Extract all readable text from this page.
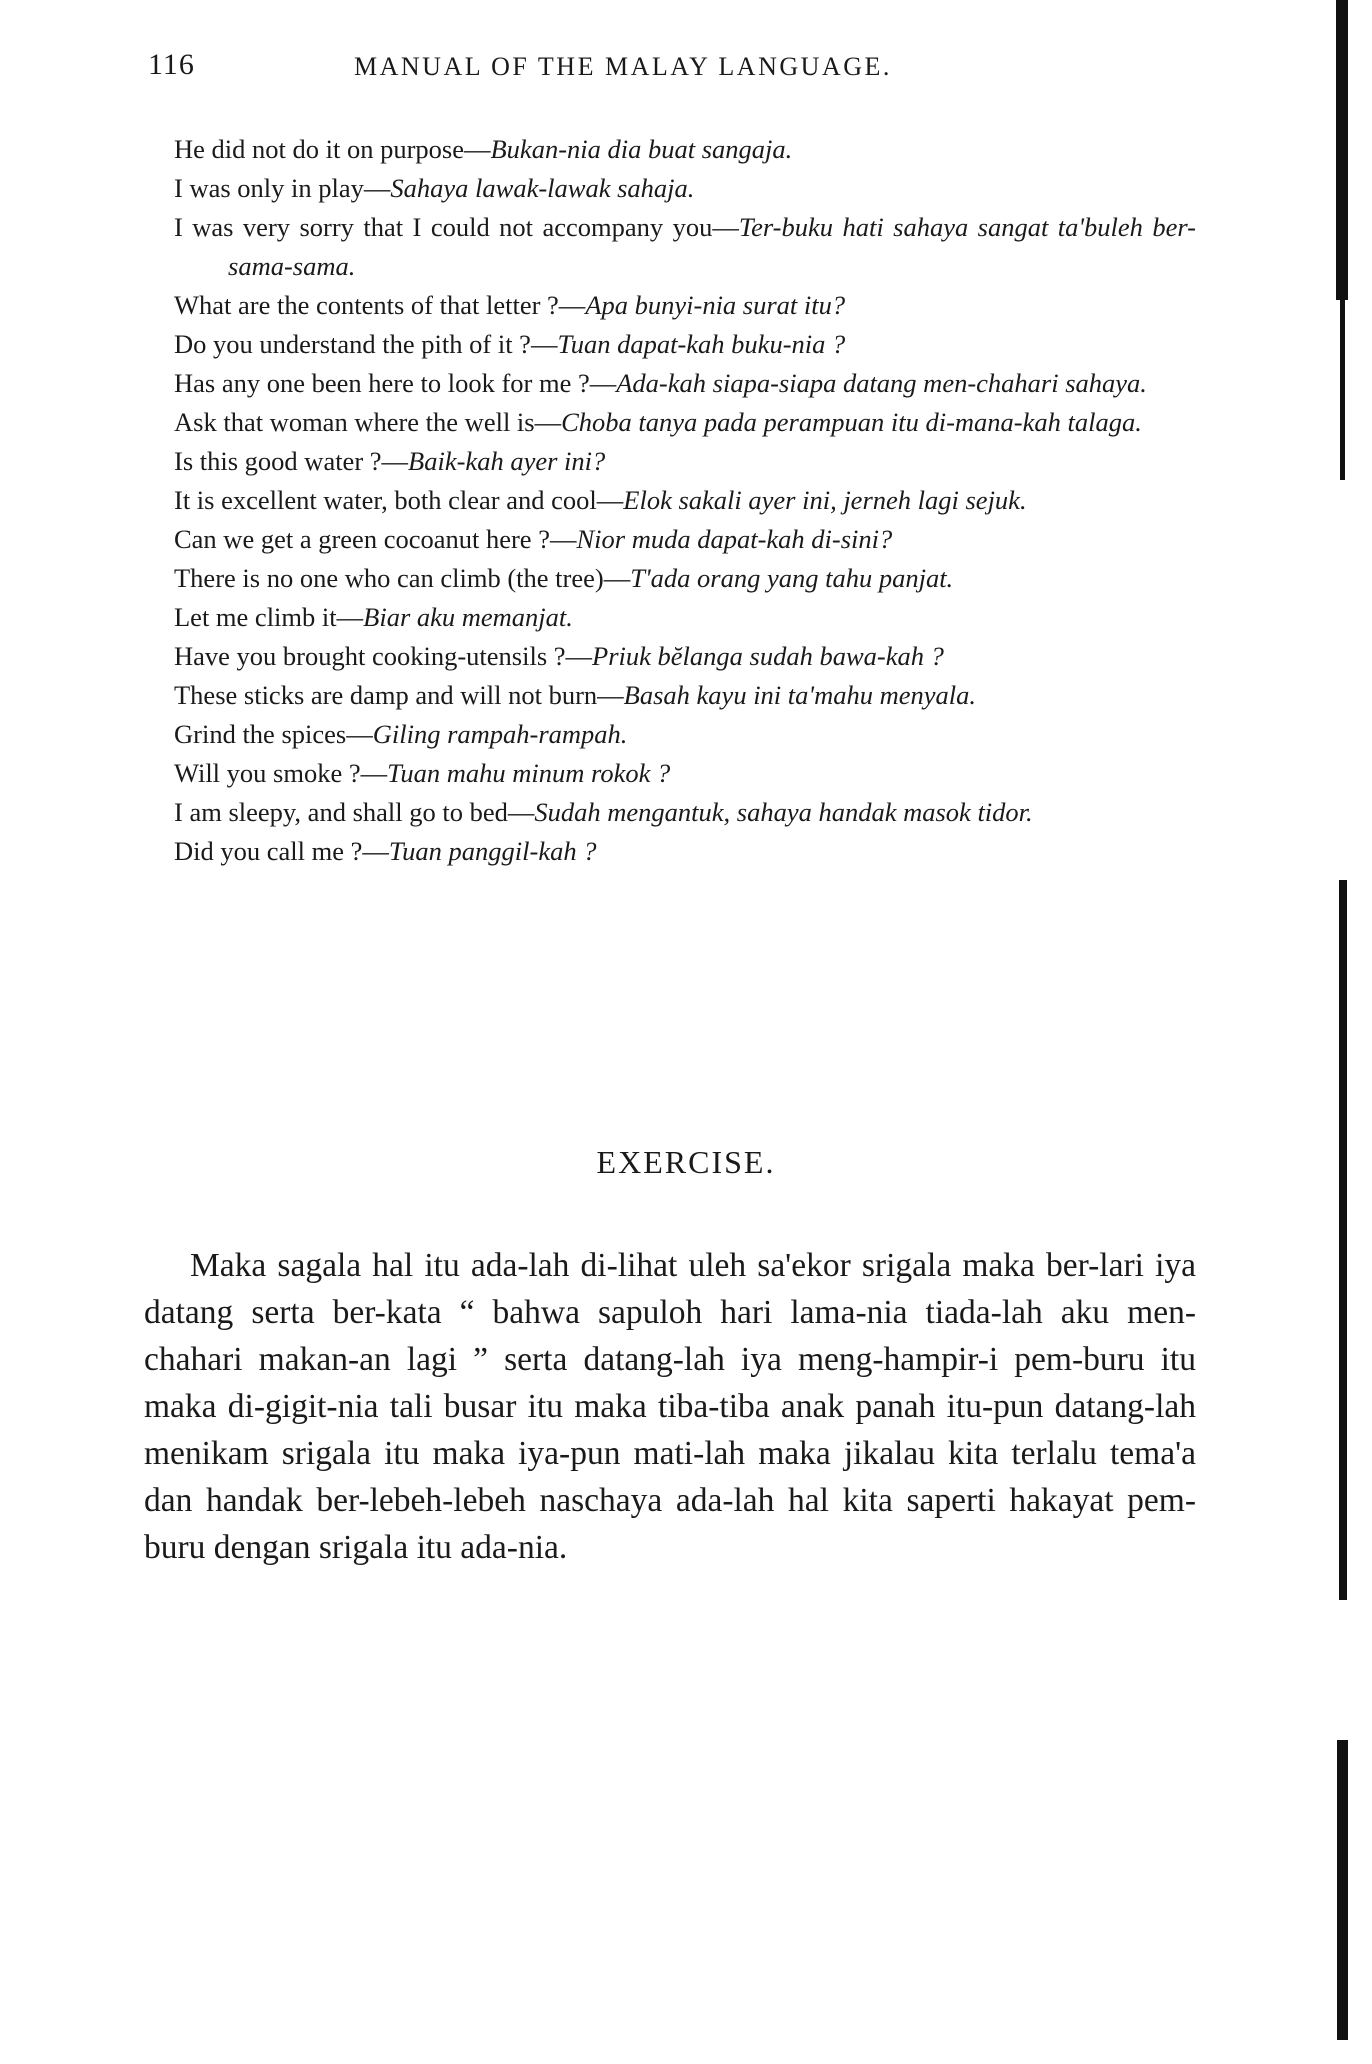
116	MANUAL OF THE MALAY LANGUAGE.

He did not do it on purpose—Bukan-nia dia buat sangaja.

I was only in play—Sahaya lawak-lawak sahaja.

I was very sorry that I could not accompany you—Ter-buku hati sahaya sangat ta'buleh ber-sama-sama.

What are the contents of that letter ?—Apa bunyi-nia surat itu?

Do you understand the pith of it ?—Tuan dapat-kah buku-nia ?

Has any one been here to look for me ?—Ada-kah siapa-siapa datang men-chahari sahaya.

Ask that woman where the well is—Choba tanya pada perampuan itu di-mana-kah talaga.

Is this good water ?—Baik-kah ayer ini?

It is excellent water, both clear and cool—Elok sakali ayer ini, jerneh lagi sejuk.

Can we get a green cocoanut here ?—Nior muda dapat-kah di-sini?

There is no one who can climb (the tree)—T'ada orang yang tahu panjat.

Let me climb it—Biar aku memanjat.

Have you brought cooking-utensils ?—Priuk bĕlanga sudah bawa-kah ?

These sticks are damp and will not burn—Basah kayu ini ta'mahu menyala.

Grind the spices—Giling rampah-rampah.

Will you smoke ?—Tuan mahu minum rokok ?

I am sleepy, and shall go to bed—Sudah mengantuk, sahaya handak masok tidor.

Did you call me ?—Tuan panggil-kah ?

EXERCISE.

Maka sagala hal itu ada-lah di-lihat uleh sa'ekor srigala maka ber-lari iya datang serta ber-kata “ bahwa sapuloh hari lama-nia tiada-lah aku men-chahari makan-an lagi ” serta datang-lah iya meng-hampir-i pem-buru itu maka di-gigit-nia tali busar itu maka tiba-tiba anak panah itu-pun datang-lah menikam srigala itu maka iya-pun mati-lah maka jikalau kita terlalu tema'a dan handak ber-lebeh-lebeh naschaya ada-lah hal kita saperti hakayat pem-buru dengan srigala itu ada-nia.
